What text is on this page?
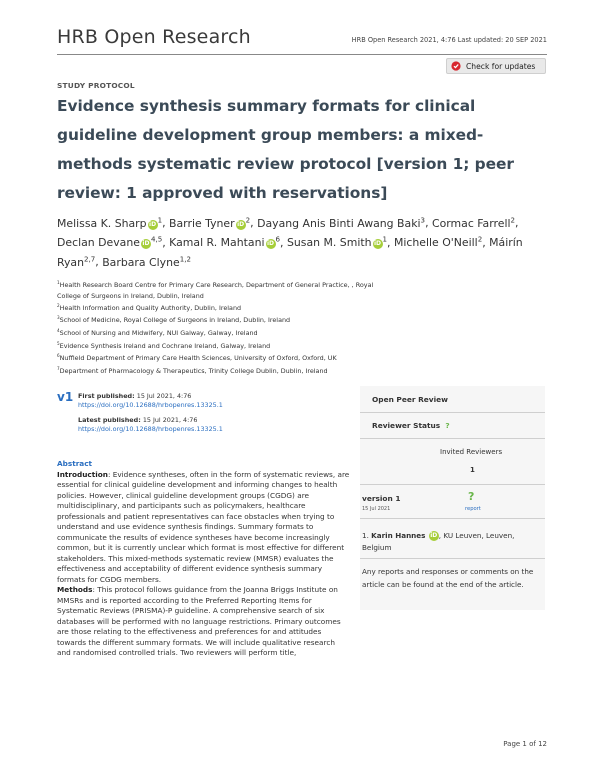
HRB Open Research	HRB Open Research 2021, 4:76 Last updated: 20 SEP 2021
Check for updates
STUDY PROTOCOL
Evidence synthesis summary formats for clinical guideline development group members: a mixed-methods systematic review protocol [version 1; peer review: 1 approved with reservations]
Melissa K. Sharp $iD^1$, Barrie Tyner $iD^2$, Dayang Anis Binti Awang Baki$^3$, Cormac Farrell$^2$, Declan Devane iD$^{4,5}$, Kamal R. Mahtani $iD^6$, Susan M. Smith $iD^1$, Michelle O'Neill$^2$, Máirín Ryan$^{2,7}$, Barbara Clyne$^{1,2}$
$^1$Health Research Board Centre for Primary Care Research, Department of General Practice, , Royal College of Surgeons in Ireland, Dublin, Ireland
$^2$Health Information and Quality Authority, Dublin, Ireland
$^3$School of Medicine, Royal College of Surgeons in Ireland, Dublin, Ireland
$^4$School of Nursing and Midwifery, NUI Galway, Galway, Ireland
$^5$Evidence Synthesis Ireland and Cochrane Ireland, Galway, Ireland
$^6$Nuffield Department of Primary Care Health Sciences, University of Oxford, Oxford, UK
$^7$Department of Pharmacology & Therapeutics, Trinity College Dublin, Dublin, Ireland
v1 First published: 15 Jul 2021, 4:76
https://doi.org/10.12688/hrbopenres.13325.1
Latest published: 15 Jul 2021, 4:76
https://doi.org/10.12688/hrbopenres.13325.1
Abstract
Introduction: Evidence syntheses, often in the form of systematic reviews, are essential for clinical guideline development and informing changes to health policies. However, clinical guideline development groups (CGDG) are multidisciplinary, and participants such as policymakers, healthcare professionals and patient representatives can face obstacles when trying to understand and use evidence synthesis findings. Summary formats to communicate the results of evidence syntheses have become increasingly common, but it is currently unclear which format is most effective for different stakeholders. This mixed-methods systematic review (MMSR) evaluates the effectiveness and acceptability of different evidence synthesis summary formats for CGDG members.
Methods: This protocol follows guidance from the Joanna Briggs Institute on MMSRs and is reported according to the Preferred Reporting Items for Systematic Reviews (PRISMA)-P guideline. A comprehensive search of six databases will be performed with no language restrictions. Primary outcomes are those relating to the effectiveness and preferences for and attitudes towards the different summary formats. We will include qualitative research and randomised controlled trials. Two reviewers will perform title,
Open Peer Review
Reviewer Status ?
Invited Reviewers
1
version 1
15 Jul 2021
?
report
1. Karin Hannes iD, KU Leuven, Leuven, Belgium
Any reports and responses or comments on the article can be found at the end of the article.
Page 1 of 12
